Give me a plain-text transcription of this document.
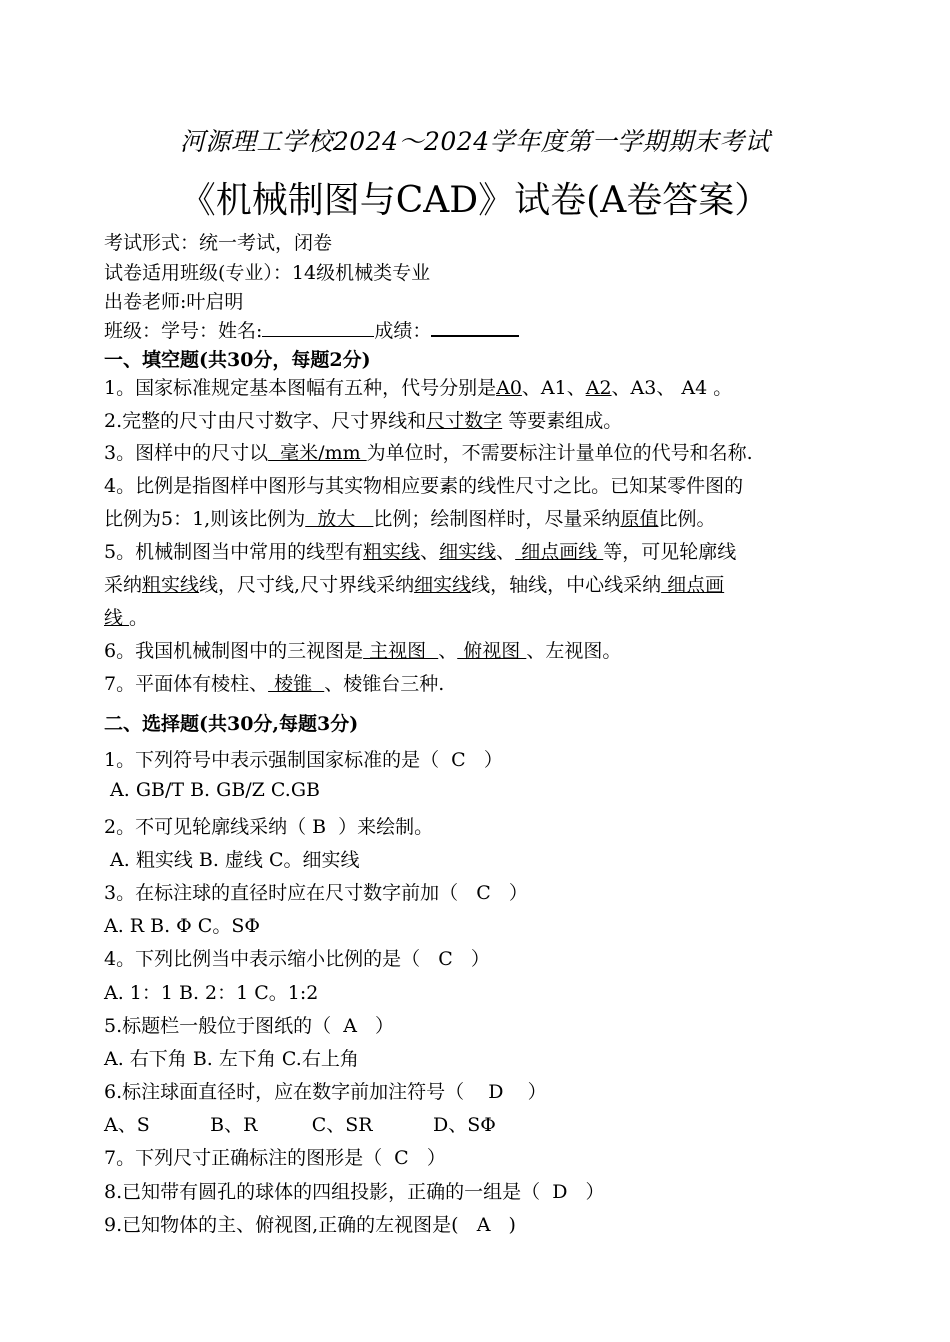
河源理工学校2024～2024学年度第一学期期末考试
《机械制图与CAD》试卷(A卷答案）
考试形式：统一考试，闭卷
试卷适用班级(专业）：14级机械类专业
出卷老师:叶启明
班级：学号：姓名:	成绩：
一、填空题(共30分，每题2分)
1。国家标准规定基本图幅有五种，代号分别是A0、A1、A2、A3、 A4 。
2.完整的尺寸由尺寸数字、尺寸界线和尺寸数字 等要素组成。
3。图样中的尺寸以  毫米/mm 为单位时，不需要标注计量单位的代号和名称.
4。比例是指图样中图形与其实物相应要素的线性尺寸之比。已知某零件图的
比例为5：1,则该比例为  放大   比例；绘制图样时，尽量采纳原值比例。
5。机械制图当中常用的线型有粗实线、细实线、 细点画线 等，可见轮廓线
采纳粗实线线，尺寸线,尺寸界线采纳细实线线，轴线，中心线采纳 细点画
线 。
6。我国机械制图中的三视图是 主视图  、 俯视图 、左视图。
7。平面体有棱柱、 棱锥  、棱锥台三种.
二、选择题(共30分,每题3分)
1。下列符号中表示强制国家标准的是（  C   ）
A. GB/T B. GB/Z C.GB
2。不可见轮廓线采纳（ B  ）来绘制。
A. 粗实线 B. 虚线 C。细实线
3。在标注球的直径时应在尺寸数字前加（   C   ）
A. R B. Φ C。SΦ
4。下列比例当中表示缩小比例的是（   C   ）
A. 1：1 B. 2：1 C。1:2
5.标题栏一般位于图纸的（  A   ）
A. 右下角 B. 左下角 C.右上角
6.标注球面直径时，应在数字前加注符号（    D    ）
A、S          B、R         C、SR          D、SΦ
7。下列尺寸正确标注的图形是（  C   ）
8.已知带有圆孔的球体的四组投影，正确的一组是（  D   ）
9.已知物体的主、俯视图,正确的左视图是(   A   )
